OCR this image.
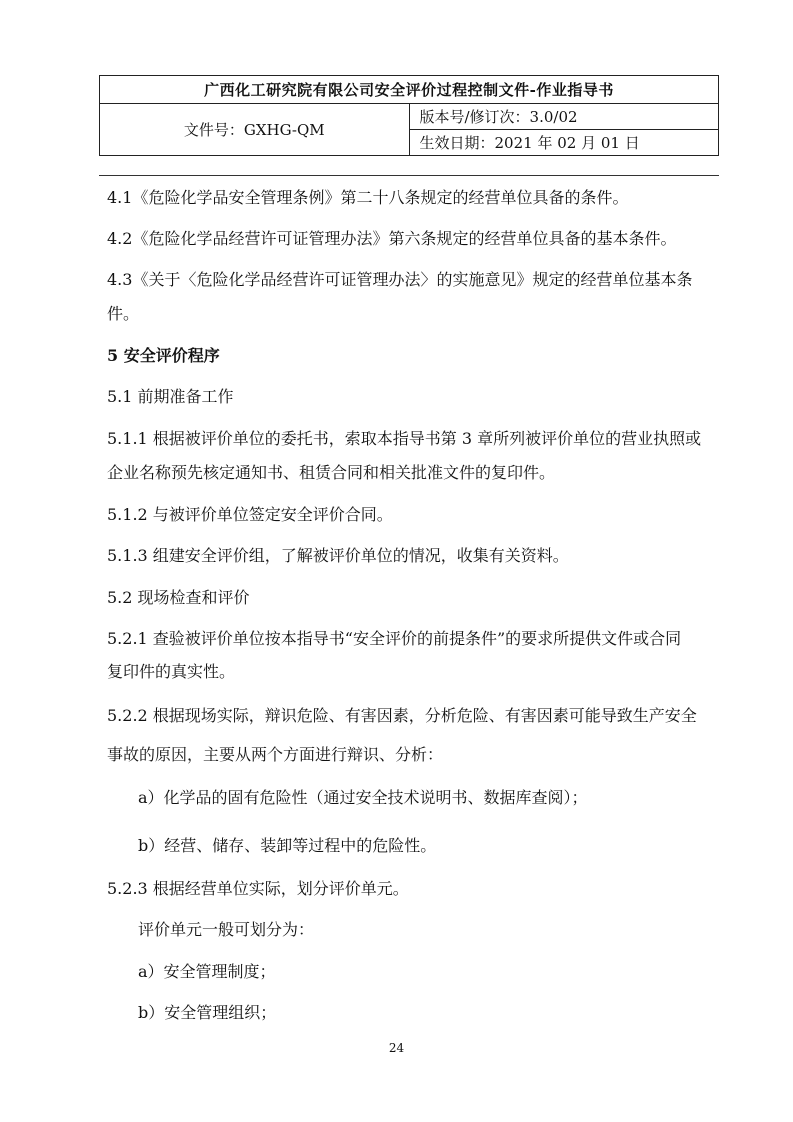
广西化工研究院有限公司安全评价过程控制文件-作业指导书
文件号：GXHG-QM	版本号/修订次：3.0/02
生效日期：2021 年 02 月 01 日
4.1《危险化学品安全管理条例》第二十八条规定的经营单位具备的条件。
4.2《危险化学品经营许可证管理办法》第六条规定的经营单位具备的基本条件。
4.3《关于〈危险化学品经营许可证管理办法〉的实施意见》规定的经营单位基本条
件。
5 安全评价程序
5.1 前期准备工作
5.1.1 根据被评价单位的委托书，索取本指导书第 3 章所列被评价单位的营业执照或
企业名称预先核定通知书、租赁合同和相关批准文件的复印件。
5.1.2 与被评价单位签定安全评价合同。
5.1.3 组建安全评价组，了解被评价单位的情况，收集有关资料。
5.2 现场检查和评价
5.2.1 查验被评价单位按本指导书“安全评价的前提条件”的要求所提供文件或合同
复印件的真实性。
5.2.2 根据现场实际，辩识危险、有害因素，分析危险、有害因素可能导致生产安全
事故的原因，主要从两个方面进行辩识、分析：
a）化学品的固有危险性（通过安全技术说明书、数据库查阅）；
b）经营、储存、装卸等过程中的危险性。
5.2.3 根据经营单位实际，划分评价单元。
评价单元一般可划分为：
a）安全管理制度；
b）安全管理组织；
24
